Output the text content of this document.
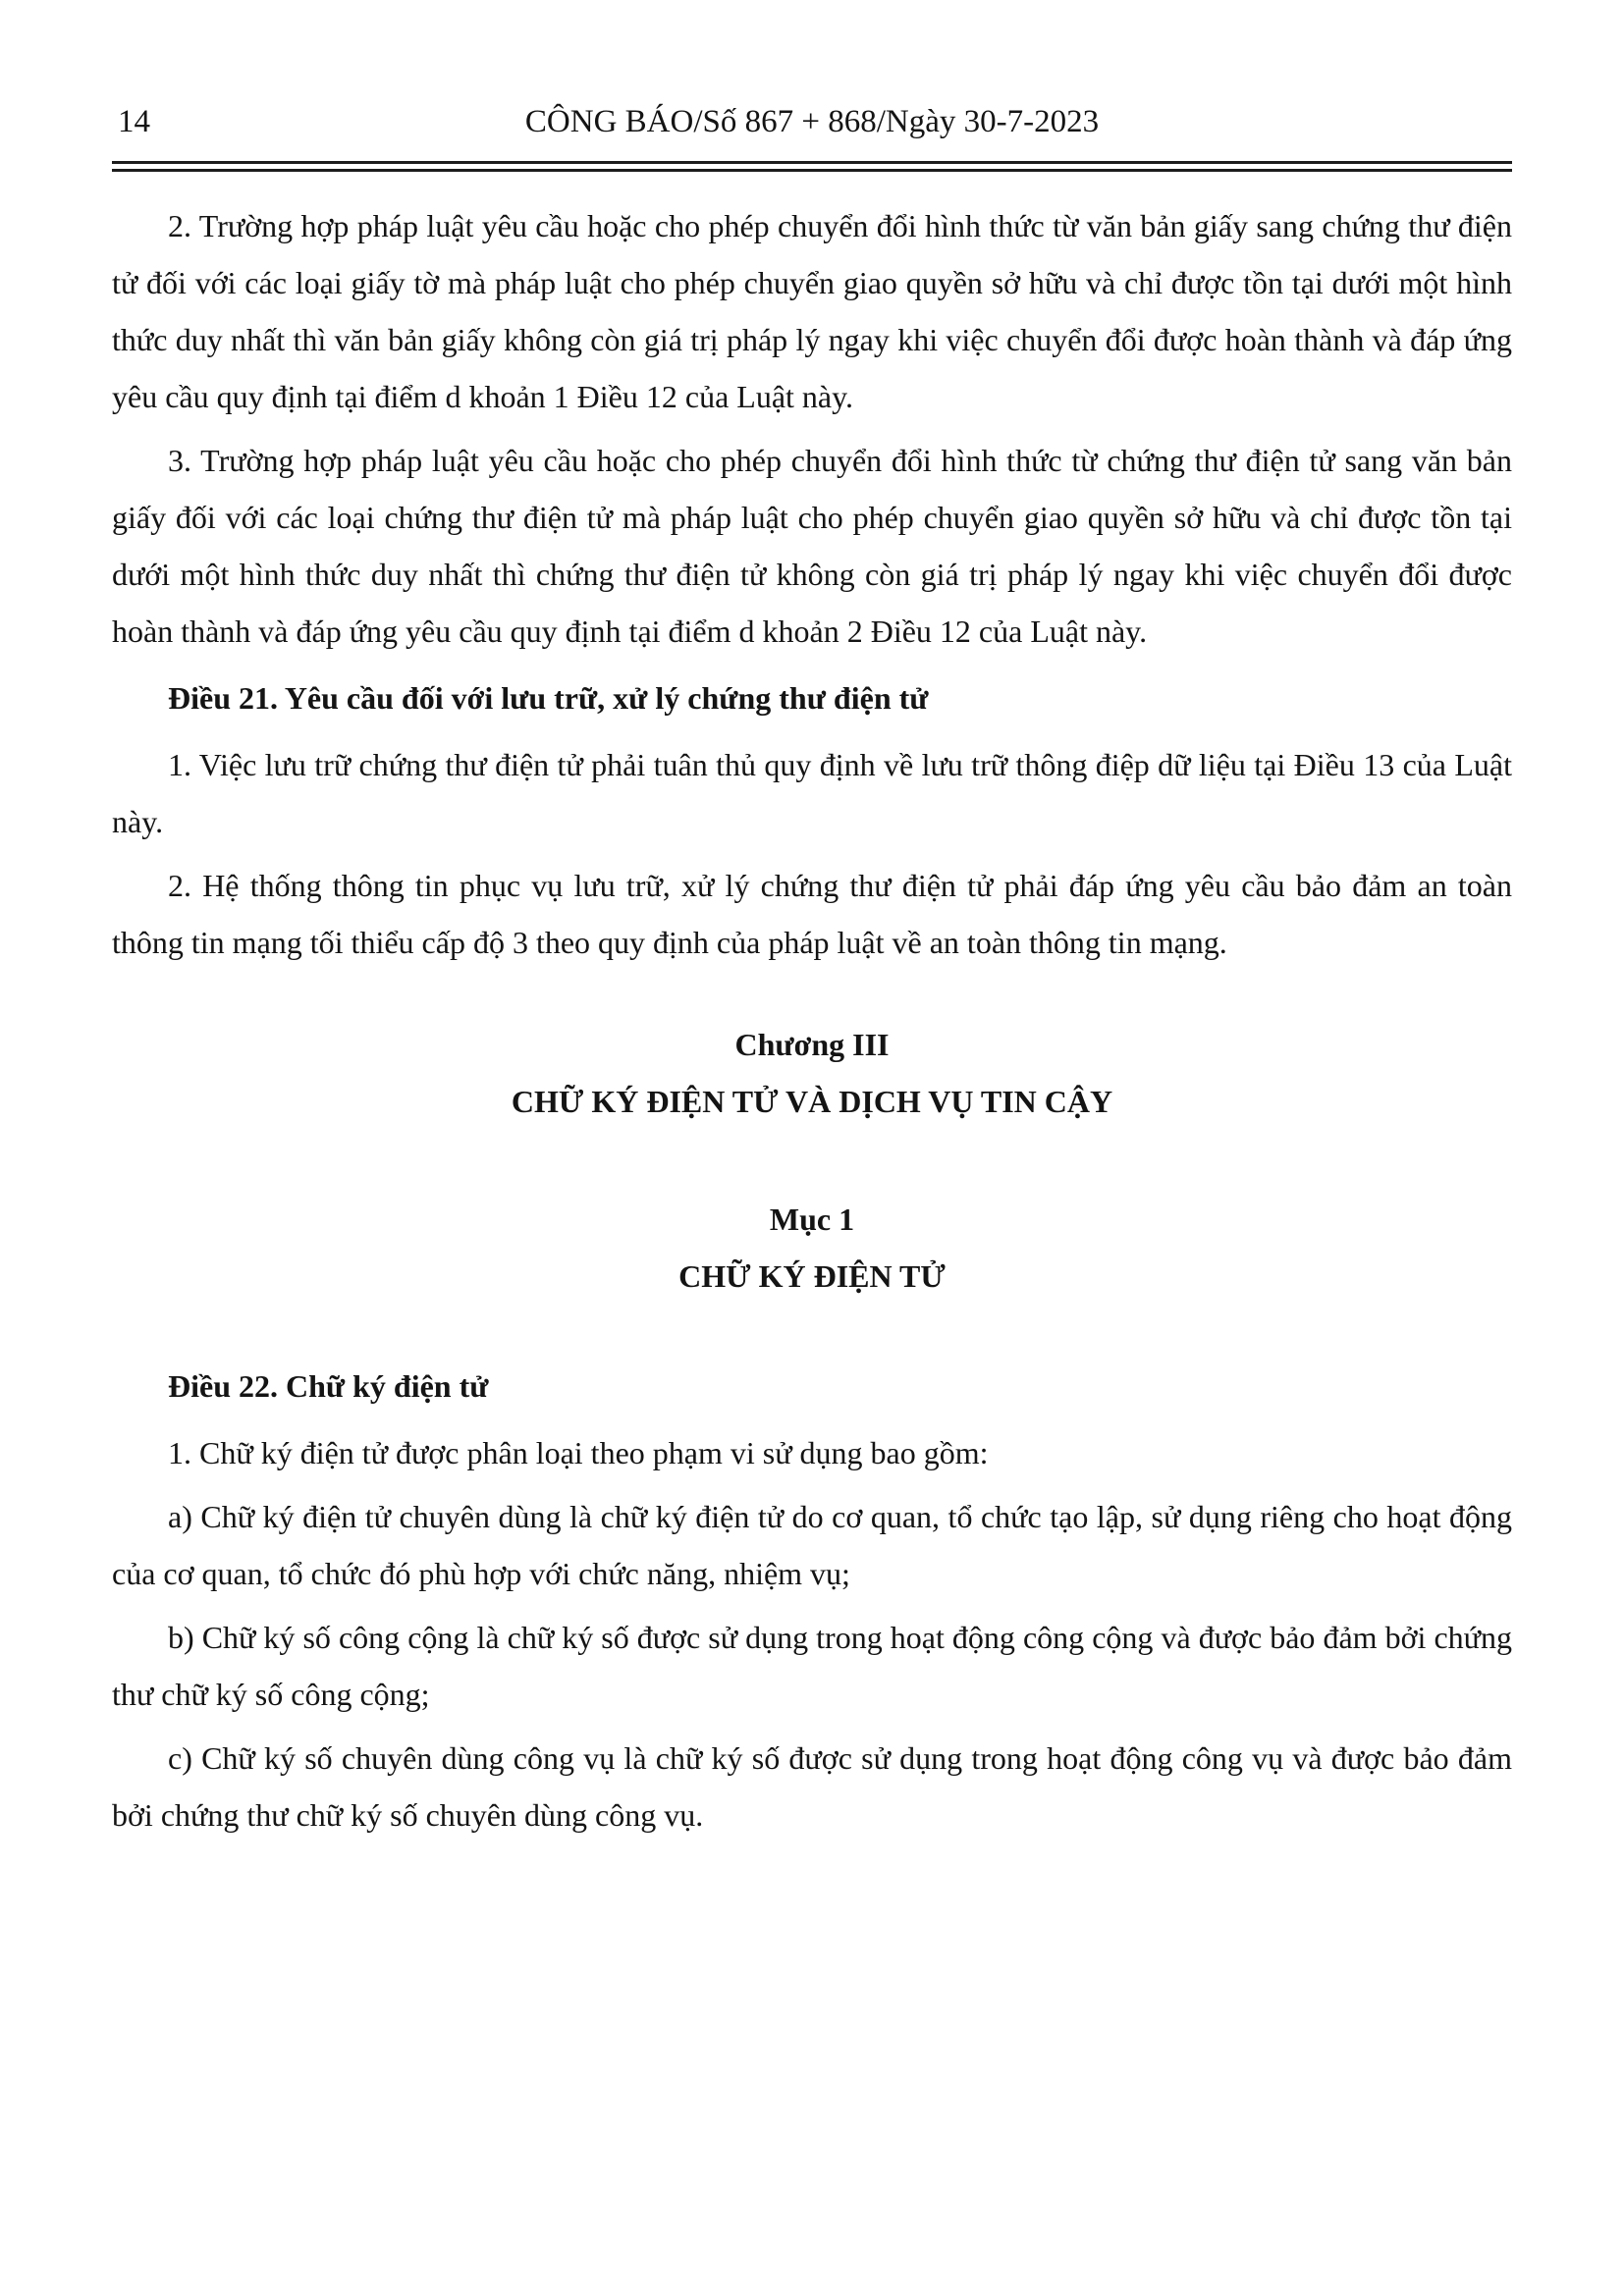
14	CÔNG BÁO/Số 867 + 868/Ngày 30-7-2023

2. Trường hợp pháp luật yêu cầu hoặc cho phép chuyển đổi hình thức từ văn bản giấy sang chứng thư điện tử đối với các loại giấy tờ mà pháp luật cho phép chuyển giao quyền sở hữu và chỉ được tồn tại dưới một hình thức duy nhất thì văn bản giấy không còn giá trị pháp lý ngay khi việc chuyển đổi được hoàn thành và đáp ứng yêu cầu quy định tại điểm d khoản 1 Điều 12 của Luật này.

3. Trường hợp pháp luật yêu cầu hoặc cho phép chuyển đổi hình thức từ chứng thư điện tử sang văn bản giấy đối với các loại chứng thư điện tử mà pháp luật cho phép chuyển giao quyền sở hữu và chỉ được tồn tại dưới một hình thức duy nhất thì chứng thư điện tử không còn giá trị pháp lý ngay khi việc chuyển đổi được hoàn thành và đáp ứng yêu cầu quy định tại điểm d khoản 2 Điều 12 của Luật này.

Điều 21. Yêu cầu đối với lưu trữ, xử lý chứng thư điện tử

1. Việc lưu trữ chứng thư điện tử phải tuân thủ quy định về lưu trữ thông điệp dữ liệu tại Điều 13 của Luật này.

2. Hệ thống thông tin phục vụ lưu trữ, xử lý chứng thư điện tử phải đáp ứng yêu cầu bảo đảm an toàn thông tin mạng tối thiểu cấp độ 3 theo quy định của pháp luật về an toàn thông tin mạng.

Chương III

CHỮ KÝ ĐIỆN TỬ VÀ DỊCH VỤ TIN CẬY

Mục 1

CHỮ KÝ ĐIỆN TỬ

Điều 22. Chữ ký điện tử

1. Chữ ký điện tử được phân loại theo phạm vi sử dụng bao gồm:

a) Chữ ký điện tử chuyên dùng là chữ ký điện tử do cơ quan, tổ chức tạo lập, sử dụng riêng cho hoạt động của cơ quan, tổ chức đó phù hợp với chức năng, nhiệm vụ;

b) Chữ ký số công cộng là chữ ký số được sử dụng trong hoạt động công cộng và được bảo đảm bởi chứng thư chữ ký số công cộng;

c) Chữ ký số chuyên dùng công vụ là chữ ký số được sử dụng trong hoạt động công vụ và được bảo đảm bởi chứng thư chữ ký số chuyên dùng công vụ.
